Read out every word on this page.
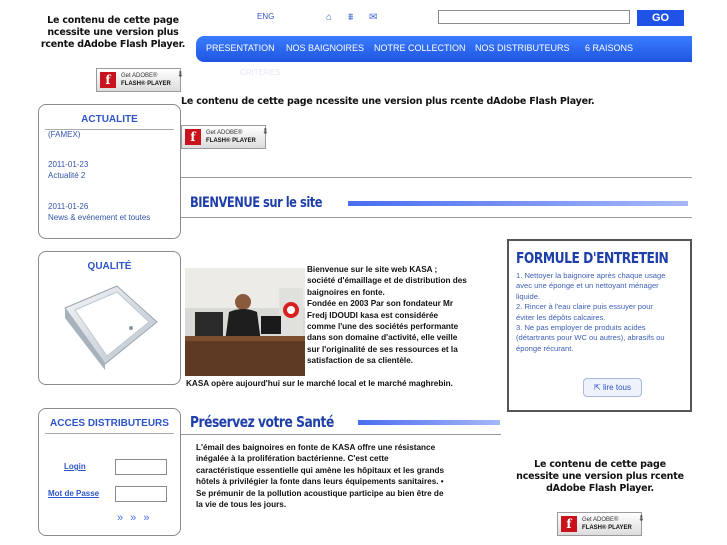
Le contenu de cette page
ncessite une version plus
rcente dAdobe Flash Player.
f	Get ADOBE®
FLASH® PLAYER
⬇
ENG	⌂ ⩩ ✉	GO
PRESENTATION NOS BAIGNOIRES NOTRE COLLECTION NOS DISTRIBUTEURS 6 RAISONS
CRITERES
Le contenu de cette page ncessite une version plus rcente dAdobe Flash Player.
f	Get ADOBE®
FLASH® PLAYER
⬇
ACTUALITE
(FAMEX)
2011-01-23
Actualité 2
2011-01-26
News & evénement et toutes
QUALITÉ
ACCES DISTRIBUTEURS
Login
Mot de Passe
» » »
BIENVENUE sur le site
Bienvenue sur le site web KASA ;
société d'émaillage et de distribution des
baignoires en fonte.
Fondée en 2003 Par son fondateur Mr
Fredj IDOUDI kasa est considérée
comme l'une des sociétés performante
dans son domaine d'activité, elle veille
sur l'originalité de ses ressources et la
satisfaction de sa clientèle.
KASA opère aujourd'hui sur le marché local et le marché maghrebin.
FORMULE D'ENTRETEIN
1. Nettoyer la baignoire après chaque usage
avec une éponge et un nettoyant ménager
liquide.
2. Rincer à l'eau claire puis essuyer pour
éviter les dépôts calcaires.
3. Ne pas employer de produits acides
(détartrants pour WC ou autres), abrasifs ou
éponge récurant.
⇱ lire tous
Préservez votre Santé
L'émail des baignoires en fonte de KASA offre une résistance
inégalée à la prolifération bactérienne. C'est cette
caractéristique essentielle qui amène les hôpitaux et les grands
hôtels à privilégier la fonte dans leurs équipements sanitaires. •
Se prémunir de la pollution acoustique participe au bien être de
la vie de tous les jours.
Le contenu de cette page
ncessite une version plus rcente
dAdobe Flash Player.
f	Get ADOBE®
FLASH® PLAYER
⬇
